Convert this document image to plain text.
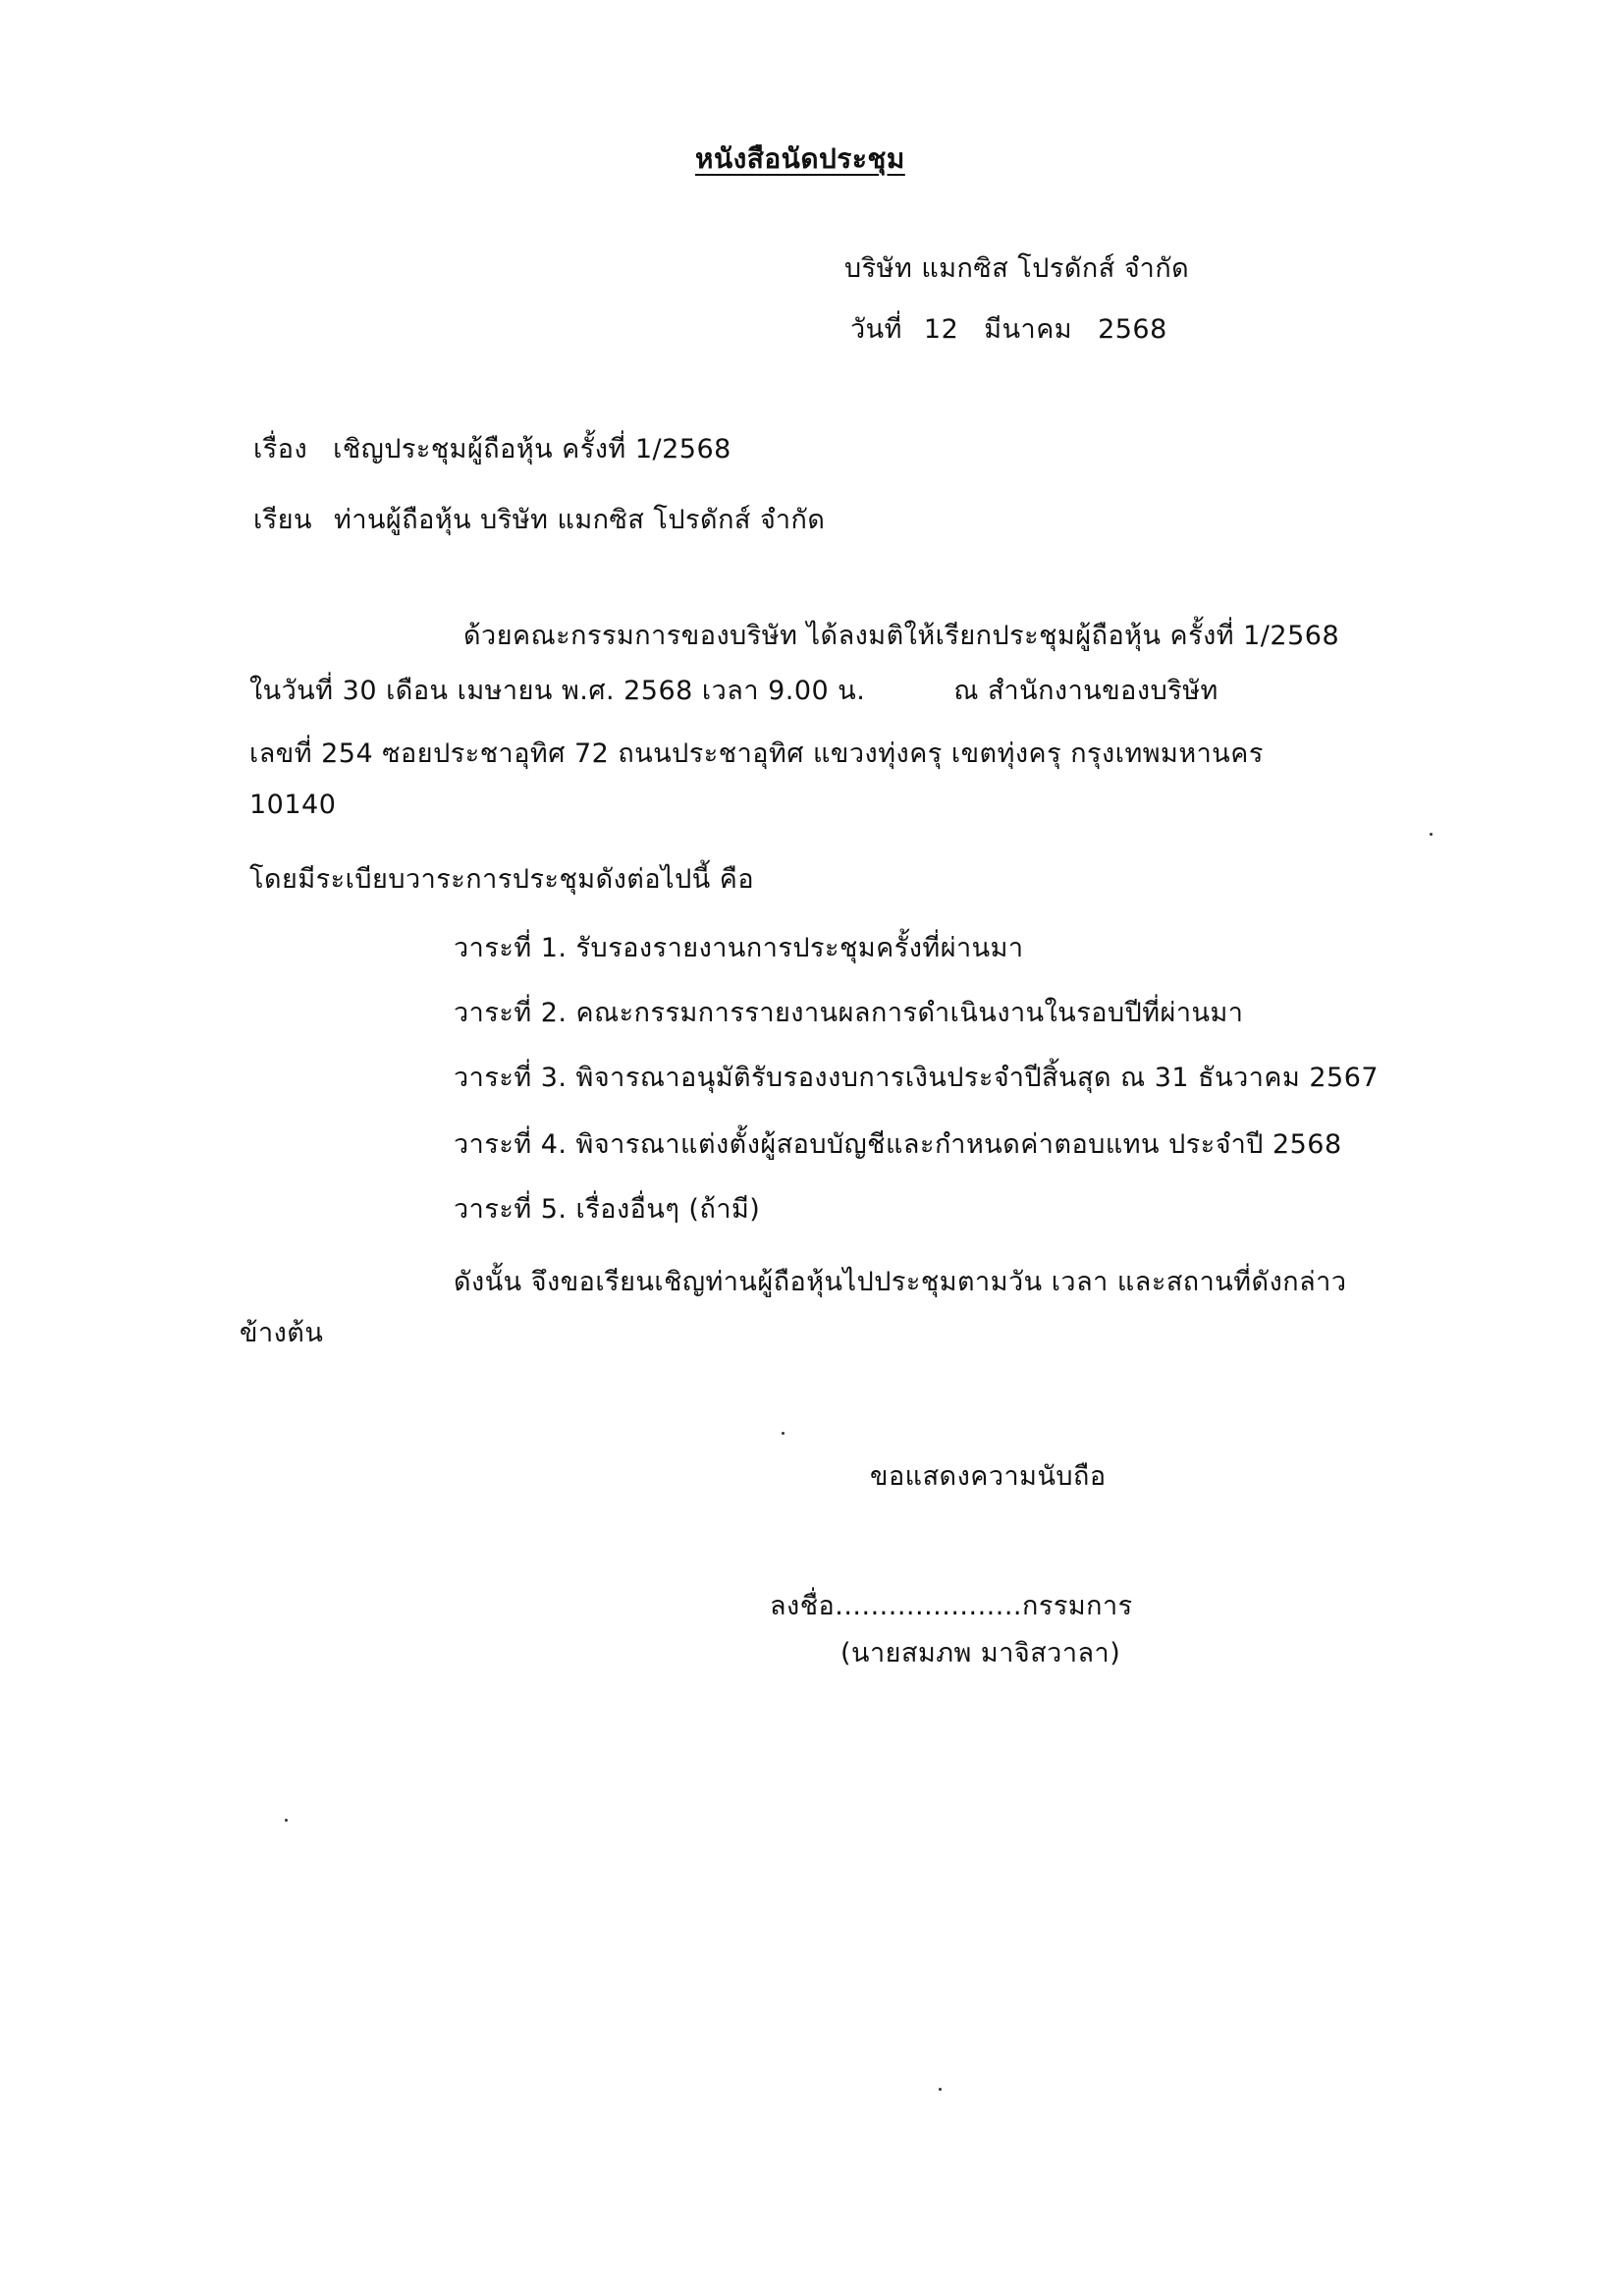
หนังสือนัดประชุม
บริษัท แมกซิส โปรดักส์ จำกัด
วันที่ 12 มีนาคม 2568
เรื่อง เชิญประชุมผู้ถือหุ้น ครั้งที่ 1/2568
เรียน ท่านผู้ถือหุ้น บริษัท แมกซิส โปรดักส์ จำกัด
ด้วยคณะกรรมการของบริษัท ได้ลงมติให้เรียกประชุมผู้ถือหุ้น ครั้งที่ 1/2568
ในวันที่ 30 เดือน เมษายน พ.ศ. 2568 เวลา 9.00 น.	ณ สำนักงานของบริษัท
เลขที่ 254 ซอยประชาอุทิศ 72 ถนนประชาอุทิศ แขวงทุ่งครุ เขตทุ่งครุ กรุงเทพมหานคร
10140
โดยมีระเบียบวาระการประชุมดังต่อไปนี้ คือ
วาระที่ 1. รับรองรายงานการประชุมครั้งที่ผ่านมา
วาระที่ 2. คณะกรรมการรายงานผลการดำเนินงานในรอบปีที่ผ่านมา
วาระที่ 3. พิจารณาอนุมัติรับรองงบการเงินประจำปีสิ้นสุด ณ 31 ธันวาคม 2567
วาระที่ 4. พิจารณาแต่งตั้งผู้สอบบัญชีและกำหนดค่าตอบแทน ประจำปี 2568
วาระที่ 5. เรื่องอื่นๆ (ถ้ามี)
ดังนั้น จึงขอเรียนเชิญท่านผู้ถือหุ้นไปประชุมตามวัน เวลา และสถานที่ดังกล่าว
ข้างต้น
ขอแสดงความนับถือ
ลงชื่อ.....................กรรมการ
(นายสมภพ มาจิสวาลา)
